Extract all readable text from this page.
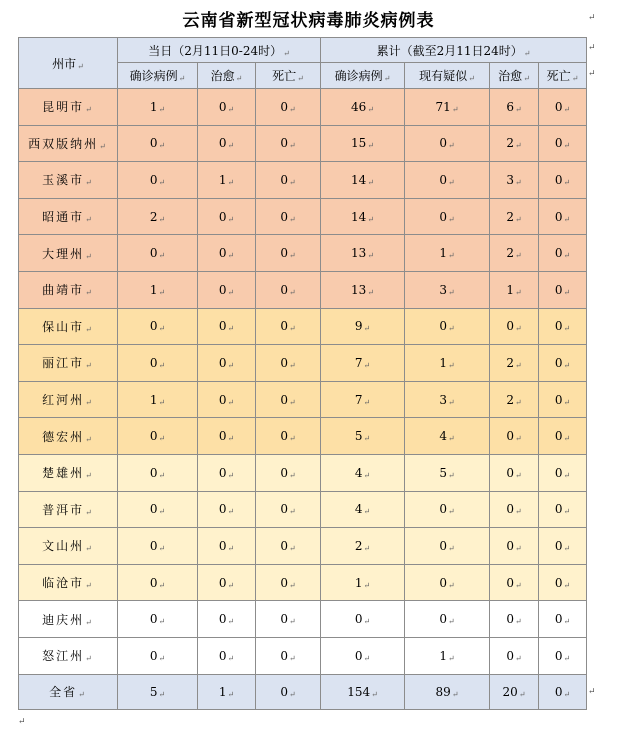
云南省新型冠状病毒肺炎病例表
州市 ↵	当日（2月11日0-24时） ↵			累计（截至2月11日24时） ↵
	确诊病例 ↵	治愈 ↵	死亡 ↵	确诊病例 ↵	现有疑似 ↵	治愈 ↵	死亡 ↵
昆明市 ↵	1 ↵	0 ↵	0 ↵	46 ↵	71 ↵	6 ↵	0 ↵
西双版纳州 ↵	0 ↵	0 ↵	0 ↵	15 ↵	0 ↵	2 ↵	0 ↵
玉溪市 ↵	0 ↵	1 ↵	0 ↵	14 ↵	0 ↵	3 ↵	0 ↵
昭通市 ↵	2 ↵	0 ↵	0 ↵	14 ↵	0 ↵	2 ↵	0 ↵
大理州 ↵	0 ↵	0 ↵	0 ↵	13 ↵	1 ↵	2 ↵	0 ↵
曲靖市 ↵	1 ↵	0 ↵	0 ↵	13 ↵	3 ↵	1 ↵	0 ↵
保山市 ↵	0 ↵	0 ↵	0 ↵	9 ↵	0 ↵	0 ↵	0 ↵
丽江市 ↵	0 ↵	0 ↵	0 ↵	7 ↵	1 ↵	2 ↵	0 ↵
红河州 ↵	1 ↵	0 ↵	0 ↵	7 ↵	3 ↵	2 ↵	0 ↵
德宏州 ↵	0 ↵	0 ↵	0 ↵	5 ↵	4 ↵	0 ↵	0 ↵
楚雄州 ↵	0 ↵	0 ↵	0 ↵	4 ↵	5 ↵	0 ↵	0 ↵
普洱市 ↵	0 ↵	0 ↵	0 ↵	4 ↵	0 ↵	0 ↵	0 ↵
文山州 ↵	0 ↵	0 ↵	0 ↵	2 ↵	0 ↵	0 ↵	0 ↵
临沧市 ↵	0 ↵	0 ↵	0 ↵	1 ↵	0 ↵	0 ↵	0 ↵
迪庆州 ↵	0 ↵	0 ↵	0 ↵	0 ↵	0 ↵	0 ↵	0 ↵
怒江州 ↵	0 ↵	0 ↵	0 ↵	0 ↵	1 ↵	0 ↵	0 ↵
全省 ↵	5 ↵	1 ↵	0 ↵	154 ↵	89 ↵	20 ↵	0 ↵
↵
↵
↵
↵
↵
